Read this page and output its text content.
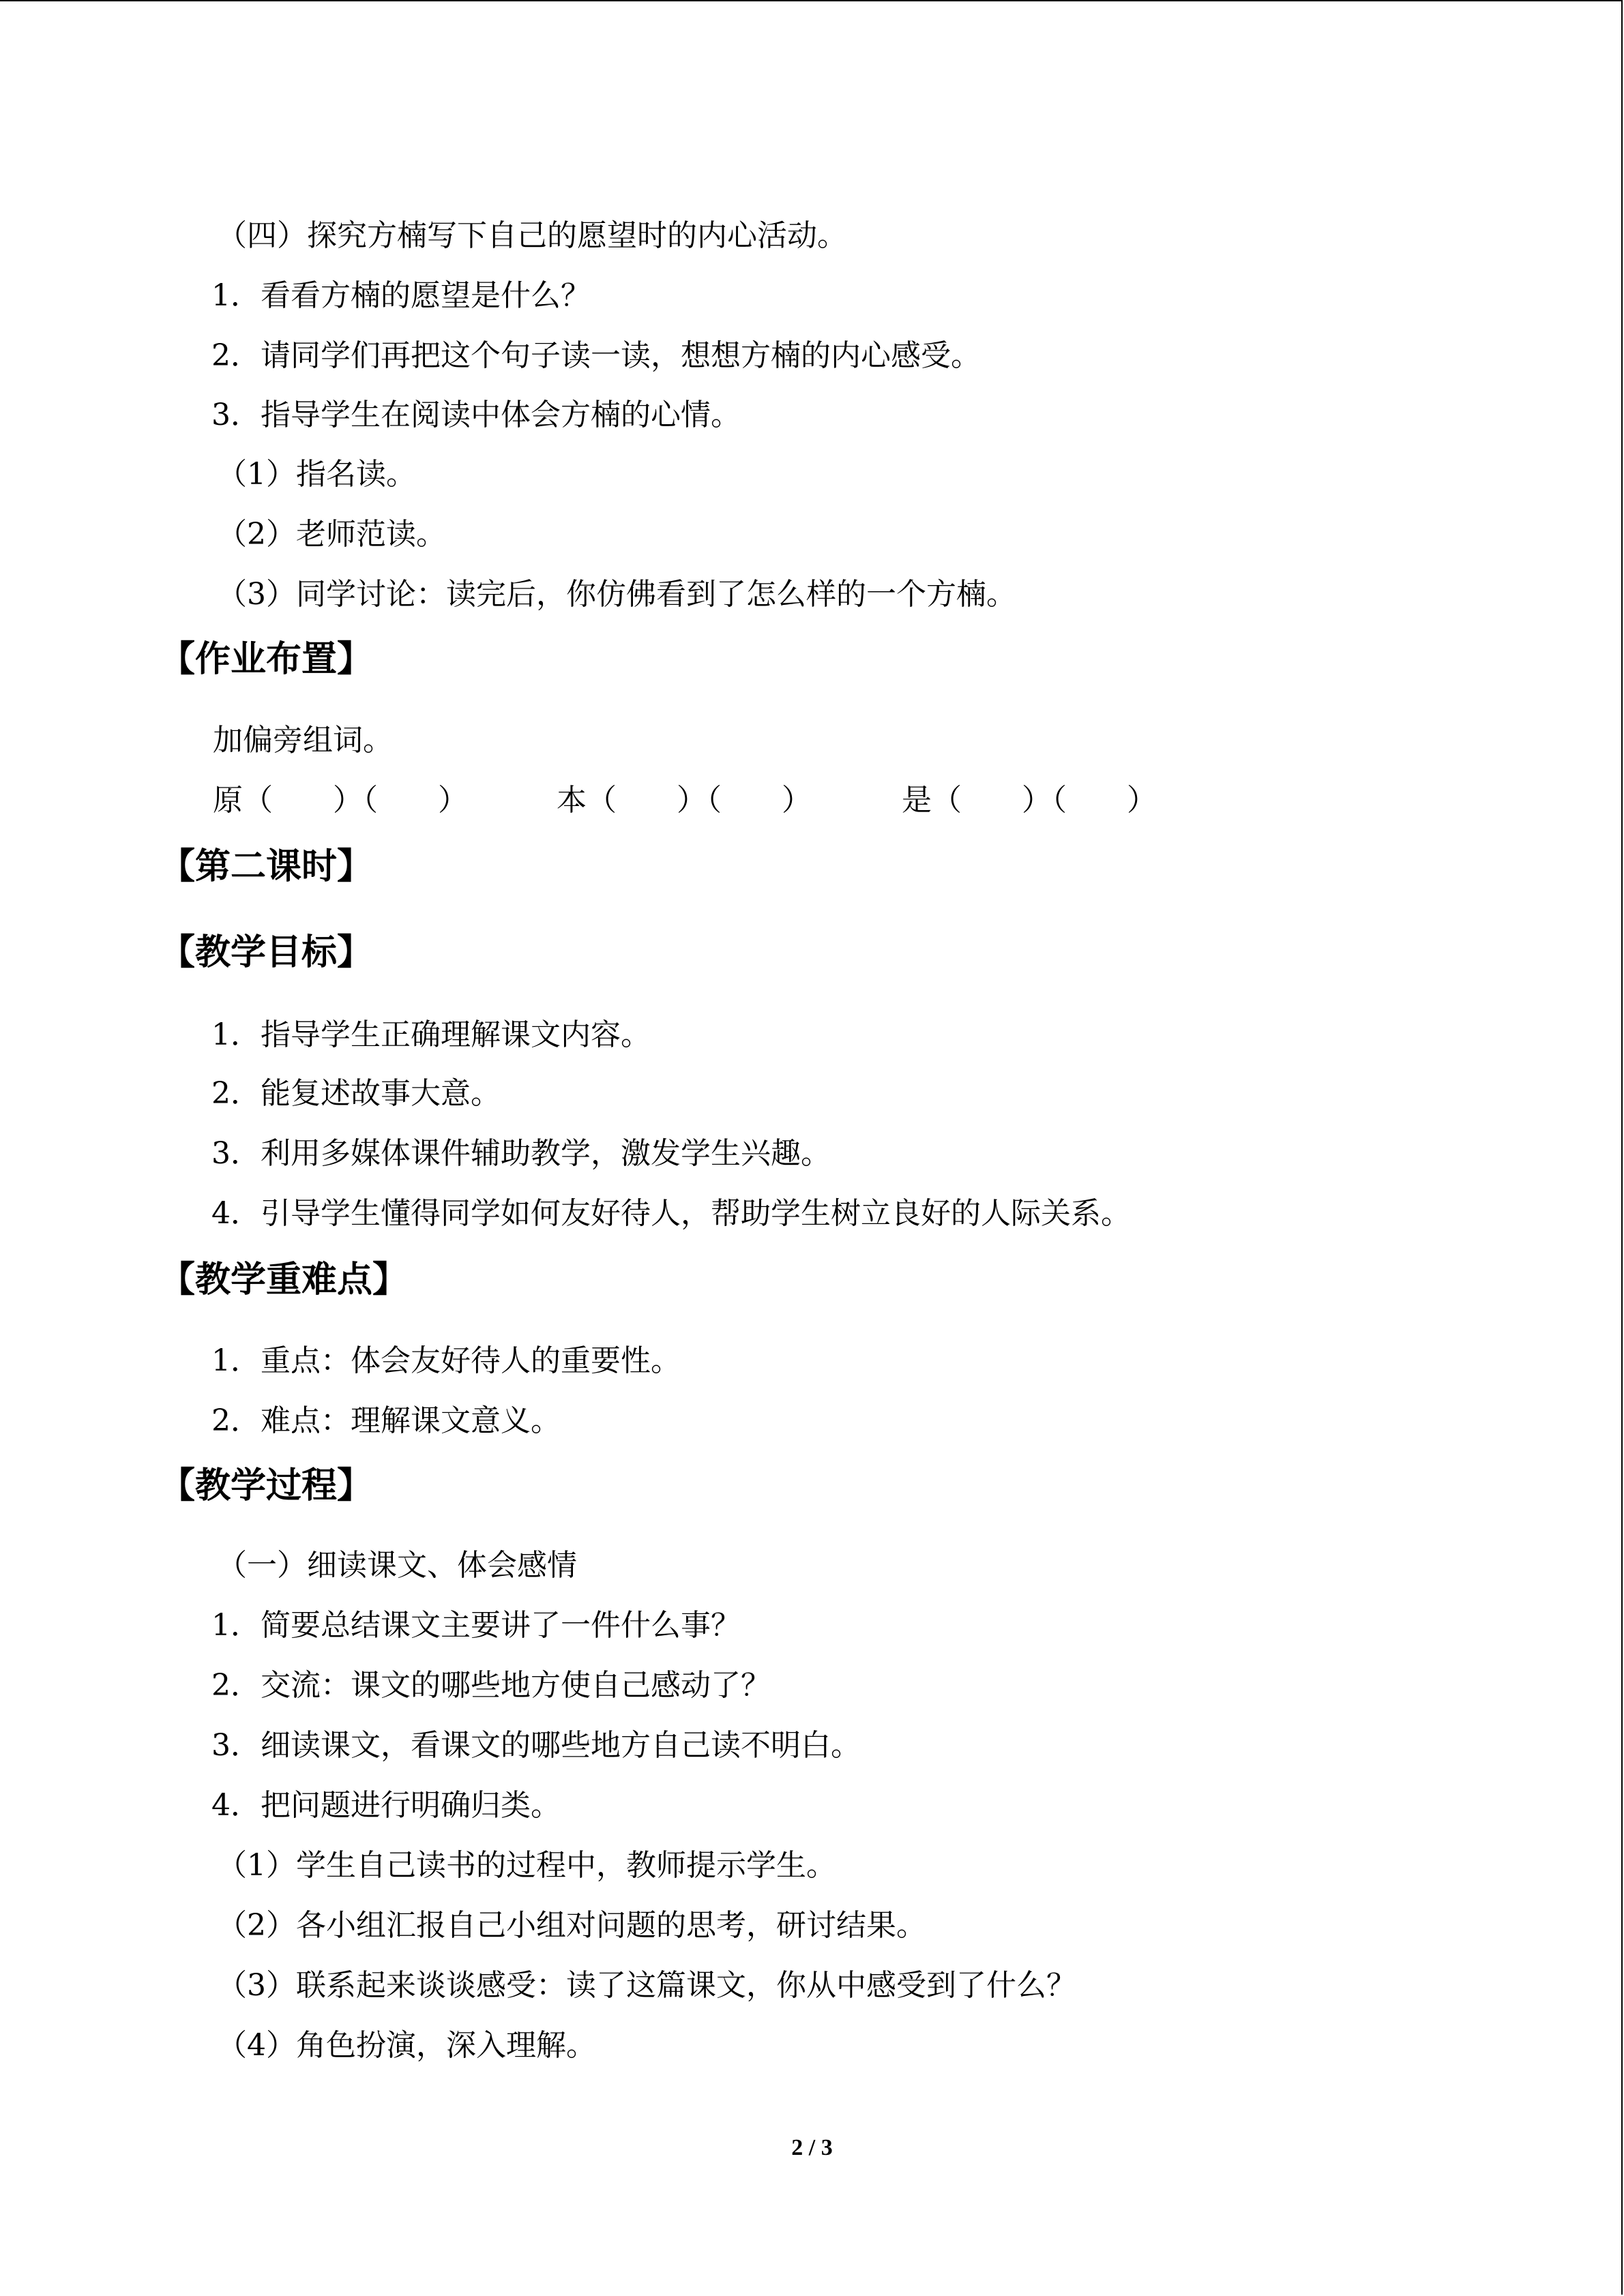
（四）探究方楠写下自己的愿望时的内心活动。
1．看看方楠的愿望是什么？
2．请同学们再把这个句子读一读，想想方楠的内心感受。
3．指导学生在阅读中体会方楠的心情。
（1）指名读。
（2）老师范读。
（3）同学讨论：读完后，你仿佛看到了怎么样的一个方楠。
【作业布置】
加偏旁组词。
原（　　）（　　）	本（　　）（　　）	是（　　）（　　）
【第二课时】
【教学目标】
1．指导学生正确理解课文内容。
2．能复述故事大意。
3．利用多媒体课件辅助教学，激发学生兴趣。
4．引导学生懂得同学如何友好待人，帮助学生树立良好的人际关系。
【教学重难点】
1．重点：体会友好待人的重要性。
2．难点：理解课文意义。
【教学过程】
（一）细读课文、体会感情
1．简要总结课文主要讲了一件什么事？
2．交流：课文的哪些地方使自己感动了？
3．细读课文，看课文的哪些地方自己读不明白。
4．把问题进行明确归类。
（1）学生自己读书的过程中，教师提示学生。
（2）各小组汇报自己小组对问题的思考，研讨结果。
（3）联系起来谈谈感受：读了这篇课文，你从中感受到了什么？
（4）角色扮演，深入理解。
2 / 3
